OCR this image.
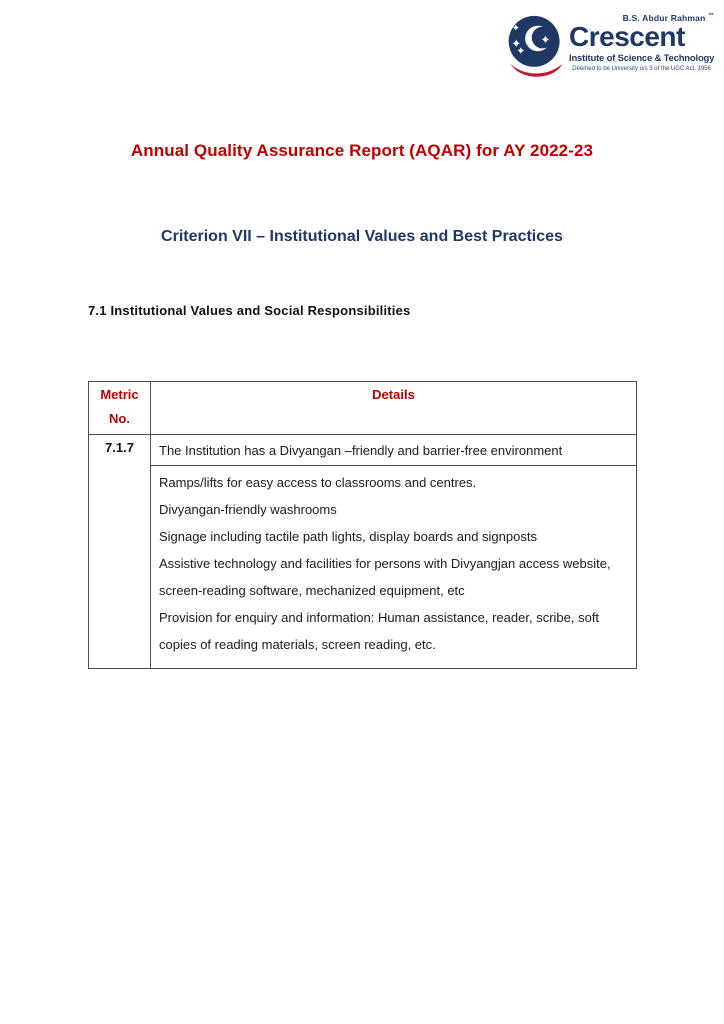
B.S. Abdur Rahman ™
Crescent
Institute of Science & Technology
Deemed to be University u/s 3 of the UGC Act, 1956
Annual Quality Assurance Report (AQAR) for AY 2022-23
Criterion VII – Institutional Values and Best Practices
7.1 Institutional Values and Social Responsibilities
Metric No.	Details
7.1.7	The Institution has a Divyangan –friendly and barrier-free environment

	Ramps/lifts for easy access to classrooms and centres.

Divyangan-friendly washrooms

Signage including tactile path lights, display boards and signposts

Assistive technology and facilities for persons with Divyangjan access website, screen-reading software, mechanized equipment, etc

Provision for enquiry and information: Human assistance, reader, scribe, soft copies of reading materials, screen reading, etc.
